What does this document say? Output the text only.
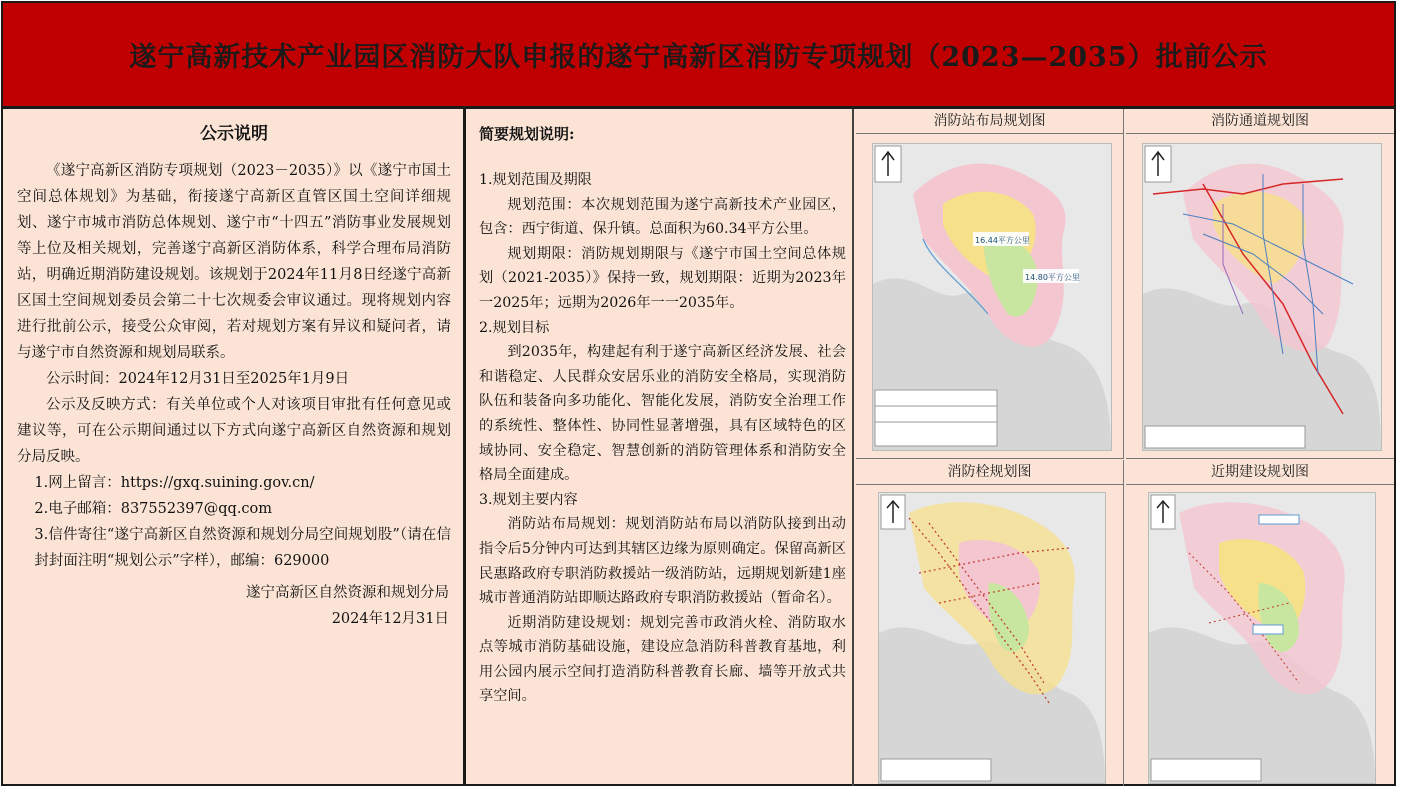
遂宁高新技术产业园区消防大队申报的遂宁高新区消防专项规划（2023—2035）批前公示
公示说明

《遂宁高新区消防专项规划（2023－2035）》以《遂宁市国土空间总体规划》为基础，衔接遂宁高新区直管区国土空间详细规划、遂宁市城市消防总体规划、遂宁市“十四五”消防事业发展规划等上位及相关规划，完善遂宁高新区消防体系，科学合理布局消防站，明确近期消防建设规划。该规划于2024年11月8日经遂宁高新区国土空间规划委员会第二十七次规委会审议通过。现将规划内容进行批前公示，接受公众审阅，若对规划方案有异议和疑问者，请与遂宁市自然资源和规划局联系。

公示时间：2024年12月31日至2025年1月9日

公示及反映方式：有关单位或个人对该项目审批有任何意见或建议等，可在公示期间通过以下方式向遂宁高新区自然资源和规划分局反映。

1.网上留言：https://gxq.suining.gov.cn/

2.电子邮箱：837552397@qq.com

3.信件寄往“遂宁高新区自然资源和规划分局空间规划股”（请在信封封面注明“规划公示”字样），邮编：629000

遂宁高新区自然资源和规划分局

2024年12月31日

简要规划说明:

1.规划范围及期限

规划范围：本次规划范围为遂宁高新技术产业园区，包含：西宁街道、保升镇。总面积为60.34平方公里。

规划期限：消防规划期限与《遂宁市国土空间总体规划（2021-2035）》保持一致，规划期限：近期为2023年一2025年；远期为2026年一一2035年。

2.规划目标

到2035年，构建起有利于遂宁高新区经济发展、社会和谐稳定、人民群众安居乐业的消防安全格局，实现消防队伍和装备向多功能化、智能化发展，消防安全治理工作的系统性、整体性、协同性显著增强，具有区域特色的区域协同、安全稳定、智慧创新的消防管理体系和消防安全格局全面建成。

3.规划主要内容

消防站布局规划：规划消防站布局以消防队接到出动指令后5分钟内可达到其辖区边缘为原则确定。保留高新区民惠路政府专职消防救援站一级消防站，远期规划新建1座城市普通消防站即顺达路政府专职消防救援站（暂命名）。

近期消防建设规划：规划完善市政消火栓、消防取水点等城市消防基础设施，建设应急消防科普教育基地，利用公园内展示空间打造消防科普教育长廊、墙等开放式共享空间。

消防站布局规划图
16.44平方公里
14.80平方公里
消防通道规划图
消防栓规划图	近期建设规划图
